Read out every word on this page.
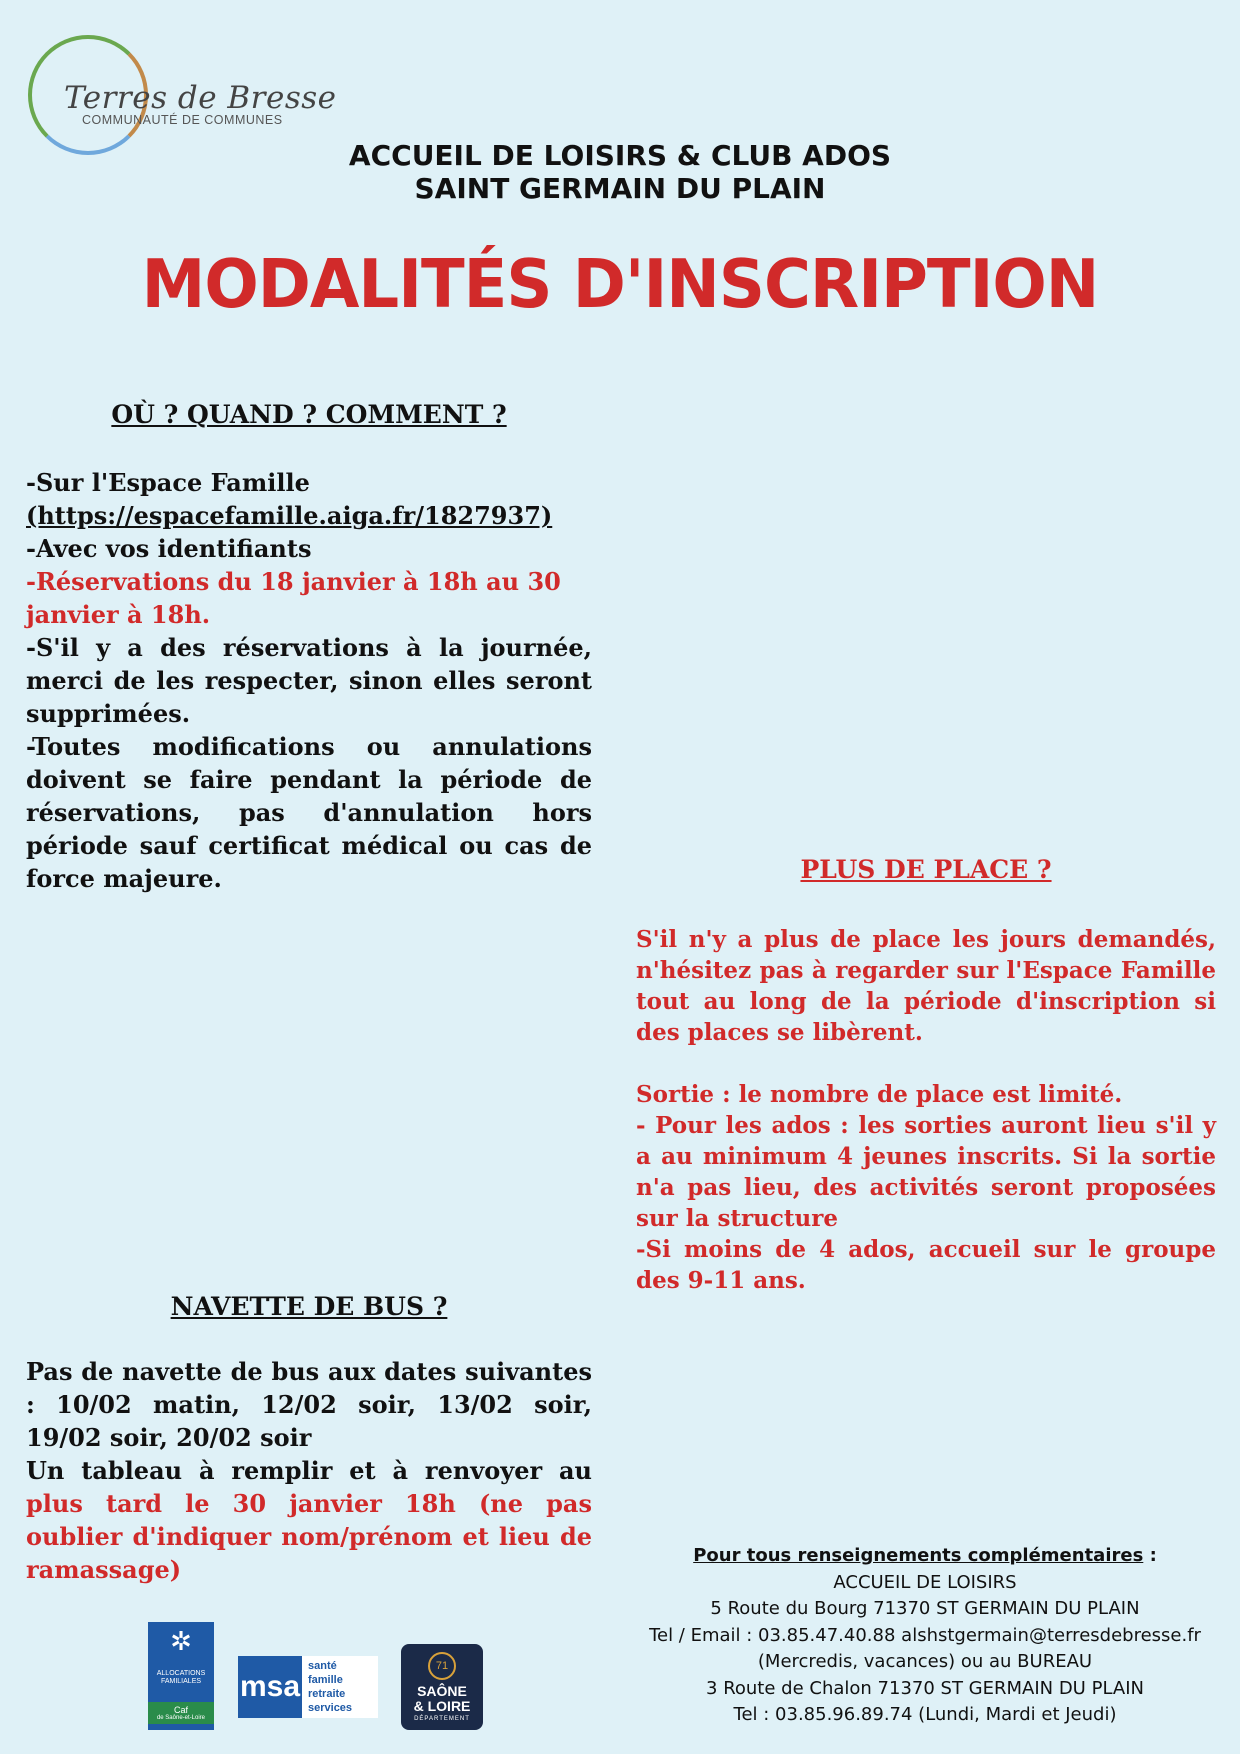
Terres de Bresse
COMMUNAUTÉ DE COMMUNES
ACCUEIL DE LOISIRS & CLUB ADOS
SAINT GERMAIN DU PLAIN
MODALITÉS D'INSCRIPTION
OÙ ? QUAND ? COMMENT ?

-Sur l'Espace Famille

(https://espacefamille.aiga.fr/1827937)

-Avec vos identifiants

-Réservations du 18 janvier à 18h au 30 janvier à 18h.

-S'il y a des réservations à la journée, merci de les respecter, sinon elles seront supprimées.

-Toutes modifications ou annulations doivent se faire pendant la période de réservations, pas d'annulation hors période sauf certificat médical ou cas de force majeure.	PLUS DE PLACE ?

S'il n'y a plus de place les jours demandés, n'hésitez pas à regarder sur l'Espace Famille tout au long de la période d'inscription si des places se libèrent.

Sortie : le nombre de place est limité.

- Pour les ados : les sorties auront lieu s'il y a au minimum 4 jeunes inscrits. Si la sortie n'a pas lieu, des activités seront proposées sur la structure

-Si moins de 4 ados, accueil sur le groupe des 9-11 ans.

NAVETTE DE BUS ?

Pas de navette de bus aux dates suivantes : 10/02 matin, 12/02 soir, 13/02 soir, 19/02 soir, 20/02 soir

Un tableau à remplir et à renvoyer au plus tard le 30 janvier 18h (ne pas oublier d'indiquer nom/prénom et lieu de ramassage)	Pour tous renseignements complémentaires :
ACCUEIL DE LOISIRS
5 Route du Bourg 71370 ST GERMAIN DU PLAIN
Tel / Email : 03.85.47.40.88 alshstgermain@terresdebresse.fr
(Mercredis, vacances) ou au BUREAU
3 Route de Chalon 71370 ST GERMAIN DU PLAIN
Tel : 03.85.96.89.74 (Lundi, Mardi et Jeudi)
✲
ALLOCATIONS FAMILIALES
Caf
de Saône-et-Loire
msa
santé
famille
retraite
services
71
SAÔNE
& LOIRE
DÉPARTEMENT
